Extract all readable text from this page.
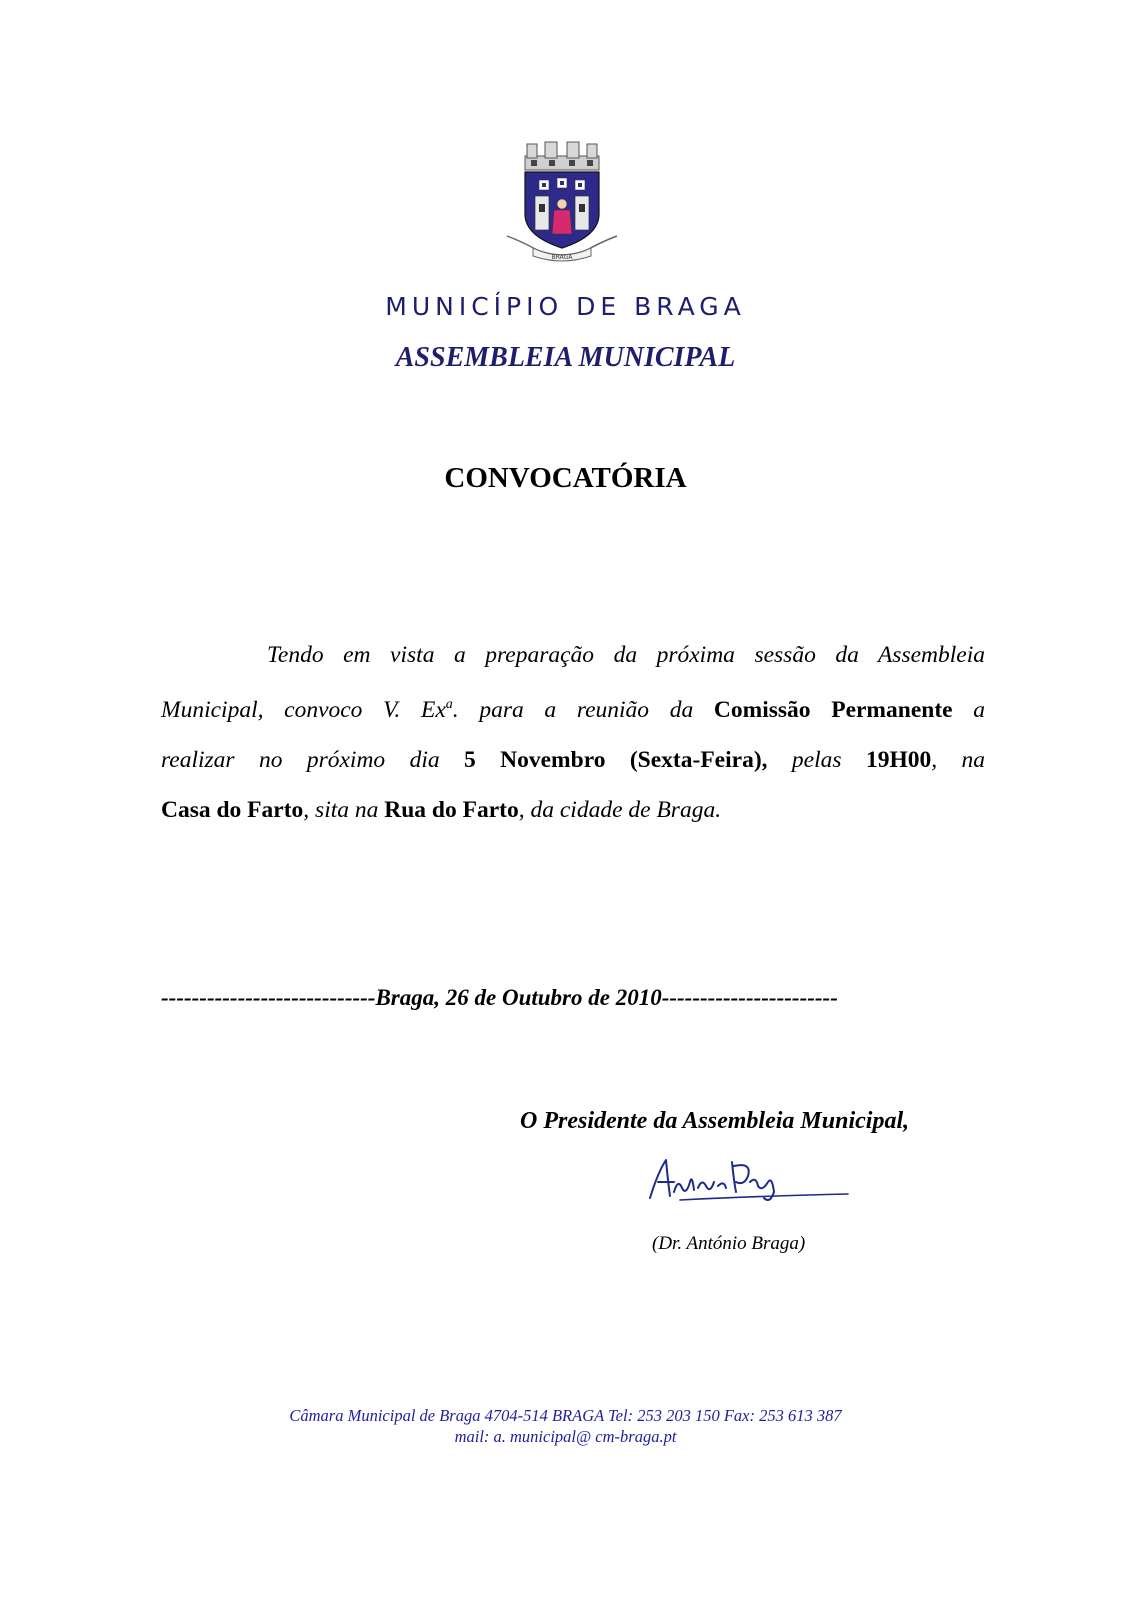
BRAGA
MUNICÍPIO DE BRAGA
ASSEMBLEIA MUNICIPAL
CONVOCATÓRIA
Tendo em vista a preparação da próxima sessão da Assembleia
Municipal, convoco V. Ex$^a$. para a reunião da Comissão Permanente a
realizar no próximo dia 5 Novembro (Sexta-Feira), pelas 19H00, na
Casa do Farto, sita na Rua do Farto, da cidade de Braga.
----------------------------Braga, 26 de Outubro de 2010-----------------------
O Presidente da Assembleia Municipal,
(Dr. António Braga)
Câmara Municipal de Braga 4704-514 BRAGA Tel: 253 203 150 Fax: 253 613 387
mail: a. municipal@ cm-braga.pt
